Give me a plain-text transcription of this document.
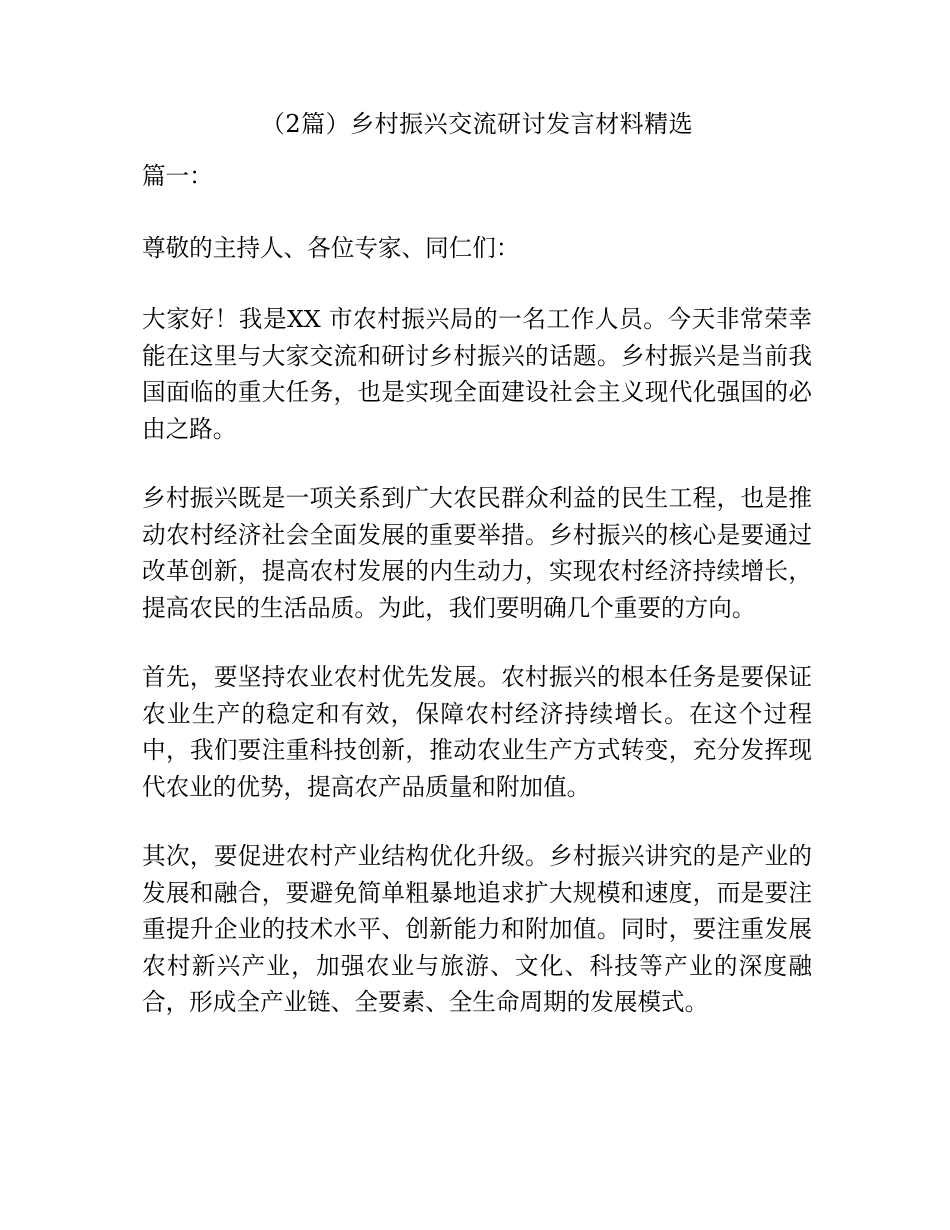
（2篇）乡村振兴交流研讨发言材料精选

篇一：

尊敬的主持人、各位专家、同仁们：

大家好！我是XX 市农村振兴局的一名工作人员。今天非常荣幸能在这里与大家交流和研讨乡村振兴的话题。乡村振兴是当前我国面临的重大任务，也是实现全面建设社会主义现代化强国的必由之路。

乡村振兴既是一项关系到广大农民群众利益的民生工程，也是推动农村经济社会全面发展的重要举措。乡村振兴的核心是要通过改革创新，提高农村发展的内生动力，实现农村经济持续增长，提高农民的生活品质。为此，我们要明确几个重要的方向。

首先，要坚持农业农村优先发展。农村振兴的根本任务是要保证农业生产的稳定和有效，保障农村经济持续增长。在这个过程中，我们要注重科技创新，推动农业生产方式转变，充分发挥现代农业的优势，提高农产品质量和附加值。

其次，要促进农村产业结构优化升级。乡村振兴讲究的是产业的发展和融合，要避免简单粗暴地追求扩大规模和速度，而是要注重提升企业的技术水平、创新能力和附加值。同时，要注重发展农村新兴产业，加强农业与旅游、文化、科技等产业的深度融合，形成全产业链、全要素、全生命周期的发展模式。
